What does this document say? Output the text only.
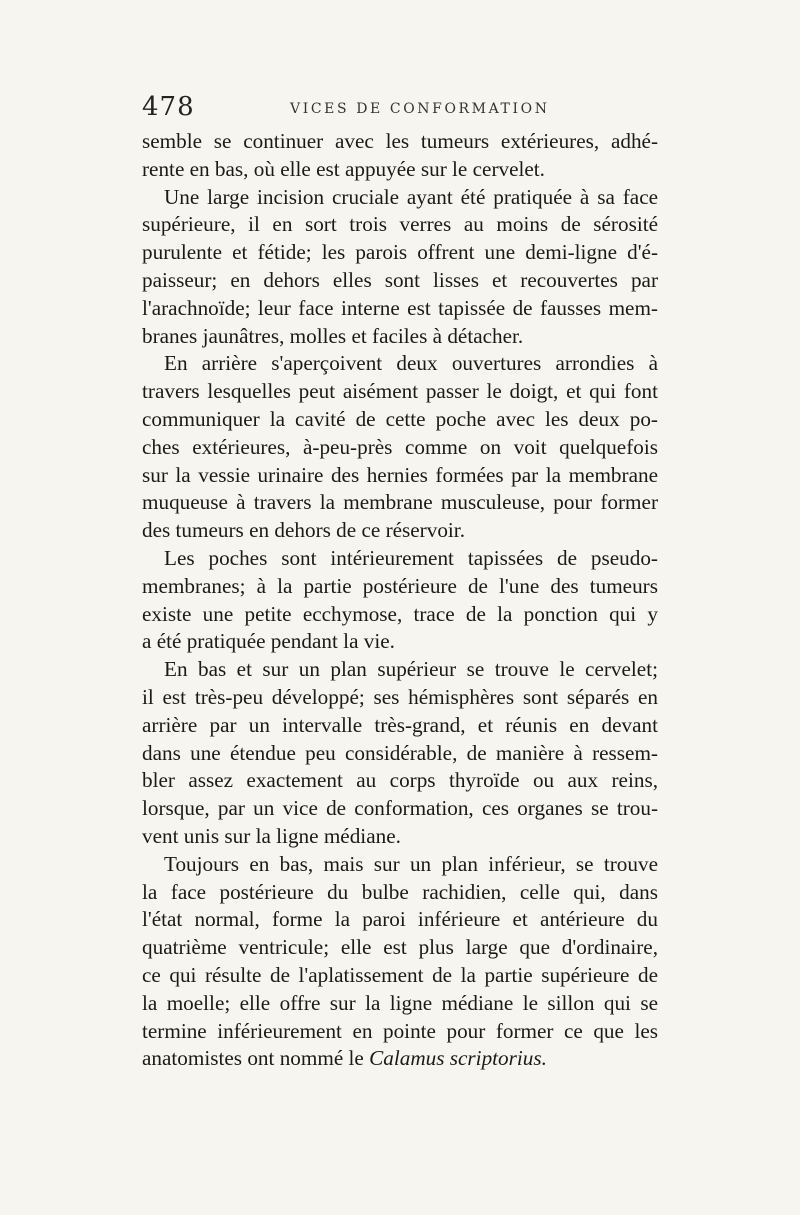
478	VICES DE CONFORMATION
semble se continuer avec les tumeurs extérieures, adhé-
rente en bas, où elle est appuyée sur le cervelet.
Une large incision cruciale ayant été pratiquée à sa face
supérieure, il en sort trois verres au moins de sérosité
purulente et fétide; les parois offrent une demi-ligne d'é-
paisseur; en dehors elles sont lisses et recouvertes par
l'arachnoïde; leur face interne est tapissée de fausses mem-
branes jaunâtres, molles et faciles à détacher.
En arrière s'aperçoivent deux ouvertures arrondies à
travers lesquelles peut aisément passer le doigt, et qui font
communiquer la cavité de cette poche avec les deux po-
ches extérieures, à-peu-près comme on voit quelquefois
sur la vessie urinaire des hernies formées par la membrane
muqueuse à travers la membrane musculeuse, pour former
des tumeurs en dehors de ce réservoir.
Les poches sont intérieurement tapissées de pseudo-
membranes; à la partie postérieure de l'une des tumeurs
existe une petite ecchymose, trace de la ponction qui y
a été pratiquée pendant la vie.
En bas et sur un plan supérieur se trouve le cervelet;
il est très-peu développé; ses hémisphères sont séparés en
arrière par un intervalle très-grand, et réunis en devant
dans une étendue peu considérable, de manière à ressem-
bler assez exactement au corps thyroïde ou aux reins,
lorsque, par un vice de conformation, ces organes se trou-
vent unis sur la ligne médiane.
Toujours en bas, mais sur un plan inférieur, se trouve
la face postérieure du bulbe rachidien, celle qui, dans
l'état normal, forme la paroi inférieure et antérieure du
quatrième ventricule; elle est plus large que d'ordinaire,
ce qui résulte de l'aplatissement de la partie supérieure de
la moelle; elle offre sur la ligne médiane le sillon qui se
termine inférieurement en pointe pour former ce que les
anatomistes ont nommé le Calamus scriptorius.
